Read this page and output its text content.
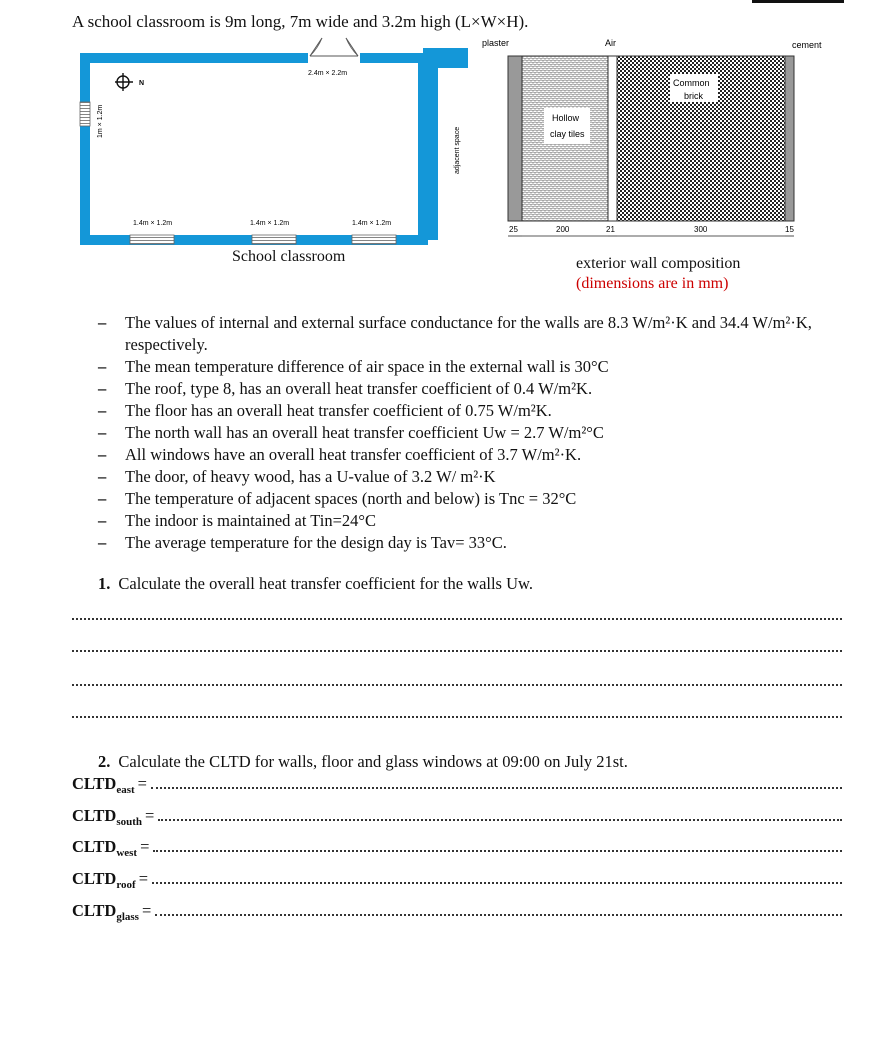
A school classroom is 9m long, 7m wide and 3.2m high (L×W×H).
N
2.4m × 2.2m
1m × 1.2m
1.4m × 1.2m	1.4m × 1.2m	1.4m × 1.2m
adjacent space
School classroom
plaster	Air	cement
Hollow
clay tiles
Common
brick
25	200	21	300	15
exterior wall composition
(dimensions are in mm)
– The values of internal and external surface conductance for the walls are 8.3 W/m²·K and 34.4 W/m²·K, respectively.
– The mean temperature difference of air space in the external wall is 30°C
– The roof, type 8, has an overall heat transfer coefficient of 0.4 W/m²K.
– The floor has an overall heat transfer coefficient of 0.75 W/m²K.
– The north wall has an overall heat transfer coefficient Uw = 2.7 W/m²°C
– All windows have an overall heat transfer coefficient of 3.7 W/m²·K.
– The door, of heavy wood, has a U-value of 3.2 W/ m²·K
– The temperature of adjacent spaces (north and below) is Tnc = 32°C
– The indoor is maintained at Tin=24°C
– The average temperature for the design day is Tav= 33°C.
1. Calculate the overall heat transfer coefficient for the walls Uw.
2. Calculate the CLTD for walls, floor and glass windows at 09:00 on July 21st.
$CLTD_{east}$ =
$CLTD_{south}$ =
$CLTD_{west}$ =
$CLTD_{roof}$ =
$CLTD_{glass}$ =
